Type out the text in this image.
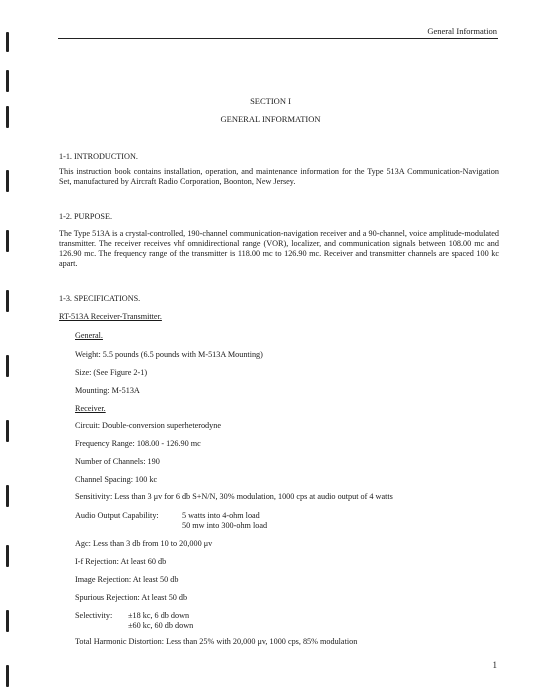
General Information
SECTION I
GENERAL INFORMATION
1-1. INTRODUCTION.
This instruction book contains installation, operation, and maintenance information for the Type 513A Communication-Navigation Set, manufactured by Aircraft Radio Corporation, Boonton, New Jersey.
1-2. PURPOSE.
The Type 513A is a crystal-controlled, 190-channel communication-navigation receiver and a 90-channel, voice amplitude-modulated transmitter. The receiver receives vhf omnidirectional range (VOR), localizer, and communication signals between 108.00 mc and 126.90 mc. The frequency range of the transmitter is 118.00 mc to 126.90 mc. Receiver and transmitter channels are spaced 100 kc apart.
1-3. SPECIFICATIONS.
RT-513A Receiver-Transmitter.
General.
Weight: 5.5 pounds (6.5 pounds with M-513A Mounting)
Size: (See Figure 2-1)
Mounting: M-513A
Receiver.
Circuit: Double-conversion superheterodyne
Frequency Range: 108.00 - 126.90 mc
Number of Channels: 190
Channel Spacing: 100 kc
Sensitivity: Less than 3 μv for 6 db S+N/N, 30% modulation, 1000 cps at audio output of 4 watts
Audio Output Capability:	5 watts into 4-ohm load
50 mw into 300-ohm load
Agc: Less than 3 db from 10 to 20,000 μv
I-f Rejection: At least 60 db
Image Rejection: At least 50 db
Spurious Rejection: At least 50 db
Selectivity: ±18 kc, 6 db down
±60 kc, 60 db down
Total Harmonic Distortion: Less than 25% with 20,000 μv, 1000 cps, 85% modulation
1
